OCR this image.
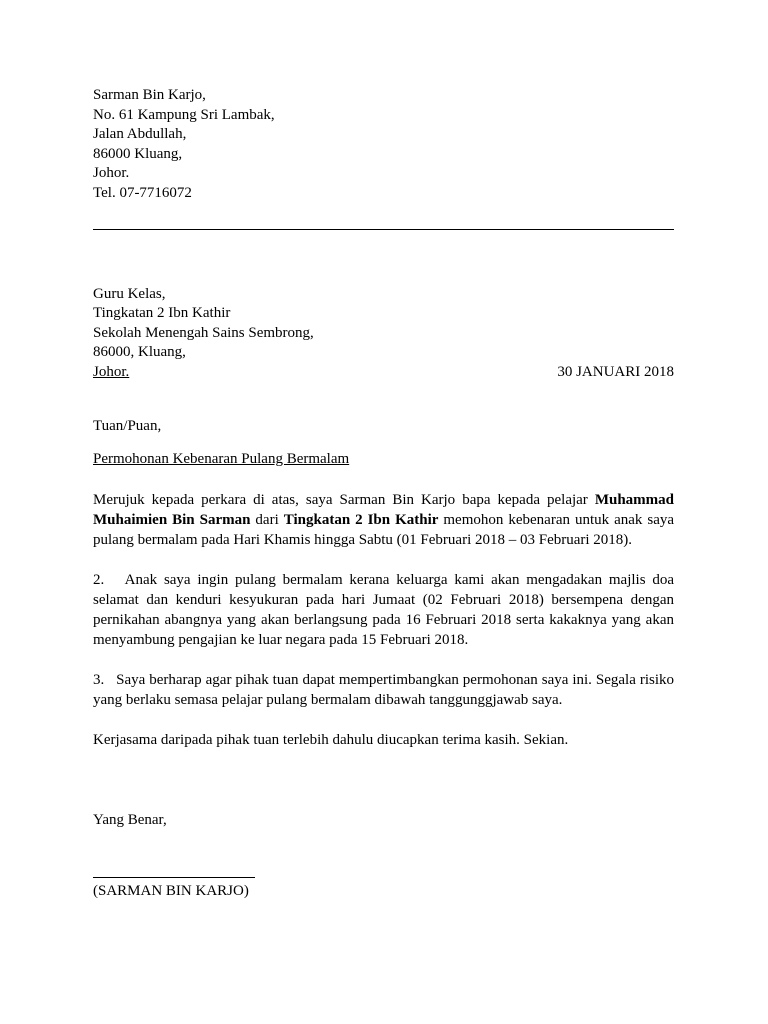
Sarman Bin Karjo,
No. 61 Kampung Sri Lambak,
Jalan Abdullah,
86000 Kluang,
Johor.
Tel. 07-7716072
Guru Kelas,
Tingkatan 2 Ibn Kathir
Sekolah Menengah Sains Sembrong,
86000, Kluang,
Johor.	30 JANUARI 2018
Tuan/Puan,
Permohonan Kebenaran Pulang Bermalam
Merujuk kepada perkara di atas, saya Sarman Bin Karjo bapa kepada pelajar Muhammad Muhaimien Bin Sarman dari Tingkatan 2 Ibn Kathir memohon kebenaran untuk anak saya pulang bermalam pada Hari Khamis hingga Sabtu (01 Februari 2018 – 03 Februari 2018).
2.   Anak saya ingin pulang bermalam kerana keluarga kami akan mengadakan majlis doa selamat dan kenduri kesyukuran pada hari Jumaat (02 Februari 2018) bersempena dengan pernikahan abangnya yang akan berlangsung pada 16 Februari 2018 serta kakaknya yang akan menyambung pengajian ke luar negara pada 15 Februari 2018.
3.   Saya berharap agar pihak tuan dapat mempertimbangkan permohonan saya ini. Segala risiko yang berlaku semasa pelajar pulang bermalam dibawah tanggunggjawab saya.
Kerjasama daripada pihak tuan terlebih dahulu diucapkan terima kasih. Sekian.
Yang Benar,
(SARMAN BIN KARJO)
